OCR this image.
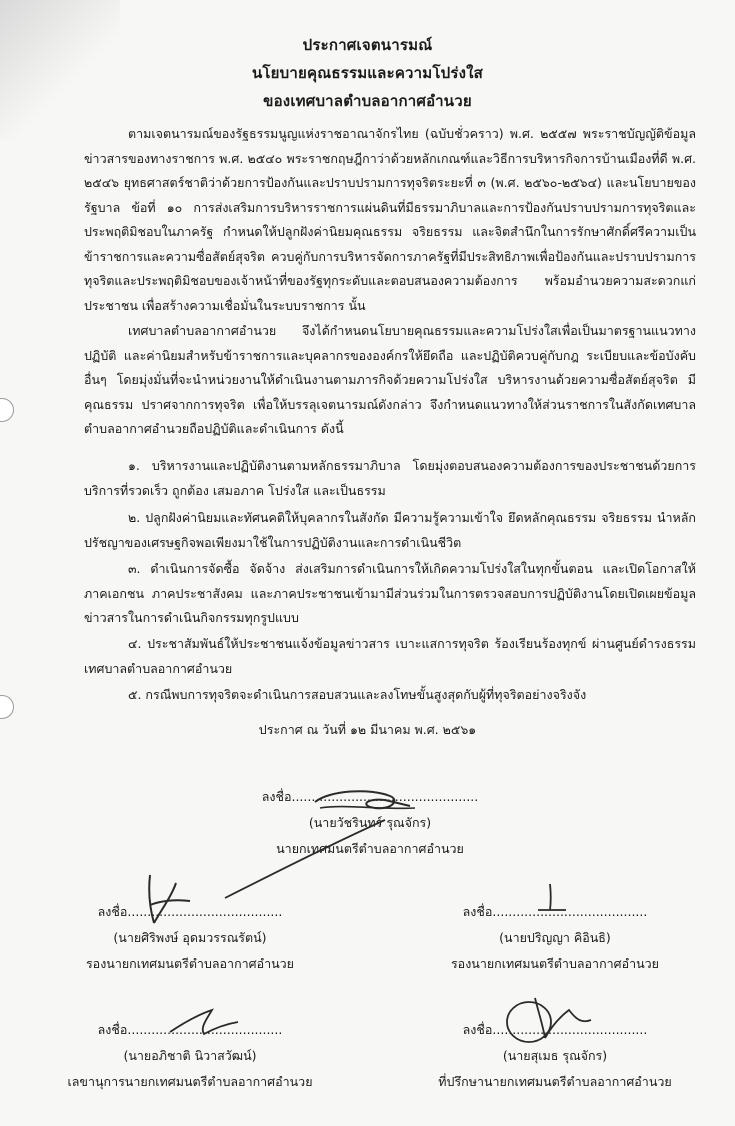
ประกาศเจตนารมณ์
นโยบายคุณธรรมและความโปร่งใส
ของเทศบาลตำบลอากาศอำนวย
ตามเจตนารมณ์ของรัฐธรรมนูญแห่งราชอาณาจักรไทย (ฉบับชั่วคราว) พ.ศ. ๒๕๕๗ พระราชบัญญัติข้อมูลข่าวสารของทางราชการ พ.ศ. ๒๕๔๐ พระราชกฤษฎีกาว่าด้วยหลักเกณฑ์และวิธีการบริหารกิจการบ้านเมืองที่ดี พ.ศ. ๒๕๔๖ ยุทธศาสตร์ชาติว่าด้วยการป้องกันและปราบปรามการทุจริตระยะที่ ๓ (พ.ศ. ๒๕๖๐-๒๕๖๔) และนโยบายของรัฐบาล ข้อที่ ๑๐ การส่งเสริมการบริหารราชการแผ่นดินที่มีธรรมาภิบาลและการป้องกันปราบปรามการทุจริตและประพฤติมิชอบในภาครัฐ กำหนดให้ปลูกฝังค่านิยมคุณธรรม จริยธรรม และจิตสำนึกในการรักษาศักดิ์ศรีความเป็นข้าราชการและความซื่อสัตย์สุจริต ควบคู่กับการบริหารจัดการภาครัฐที่มีประสิทธิภาพเพื่อป้องกันและปราบปรามการทุจริตและประพฤติมิชอบของเจ้าหน้าที่ของรัฐทุกระดับและตอบสนองความต้องการ พร้อมอำนวยความสะดวกแก่ประชาชน เพื่อสร้างความเชื่อมั่นในระบบราชการ นั้น
เทศบาลตำบลอากาศอำนวย จึงได้กำหนดนโยบายคุณธรรมและความโปร่งใสเพื่อเป็นมาตรฐานแนวทางปฏิบัติ และค่านิยมสำหรับข้าราชการและบุคลากรขององค์กรให้ยึดถือ และปฏิบัติควบคู่กับกฎ ระเบียบและข้อบังคับอื่นๆ โดยมุ่งมั่นที่จะนำหน่วยงานให้ดำเนินงานตามภารกิจด้วยความโปร่งใส บริหารงานด้วยความซื่อสัตย์สุจริต มีคุณธรรม ปราศจากการทุจริต เพื่อให้บรรลุเจตนารมณ์ดังกล่าว จึงกำหนดแนวทางให้ส่วนราชการในสังกัดเทศบาลตำบลอากาศอำนวยถือปฏิบัติและดำเนินการ ดังนี้
๑. บริหารงานและปฏิบัติงานตามหลักธรรมาภิบาล โดยมุ่งตอบสนองความต้องการของประชาชนด้วยการบริการที่รวดเร็ว ถูกต้อง เสมอภาค โปร่งใส และเป็นธรรม
๒. ปลูกฝังค่านิยมและทัศนคติให้บุคลากรในสังกัด มีความรู้ความเข้าใจ ยึดหลักคุณธรรม จริยธรรม นำหลักปรัชญาของเศรษฐกิจพอเพียงมาใช้ในการปฏิบัติงานและการดำเนินชีวิต
๓. ดำเนินการจัดซื้อ จัดจ้าง ส่งเสริมการดำเนินการให้เกิดความโปร่งใสในทุกขั้นตอน และเปิดโอกาสให้ภาคเอกชน ภาคประชาสังคม และภาคประชาชนเข้ามามีส่วนร่วมในการตรวจสอบการปฏิบัติงานโดยเปิดเผยข้อมูลข่าวสารในการดำเนินกิจกรรมทุกรูปแบบ
๔. ประชาสัมพันธ์ให้ประชาชนแจ้งข้อมูลข่าวสาร เบาะแสการทุจริต ร้องเรียนร้องทุกข์ ผ่านศูนย์ดำรงธรรมเทศบาลตำบลอากาศอำนวย
๕. กรณีพบการทุจริตจะดำเนินการสอบสวนและลงโทษขั้นสูงสุดกับผู้ที่ทุจริตอย่างจริงจัง
ประกาศ ณ วันที่ ๑๒ มีนาคม พ.ศ. ๒๕๖๑
ลงชื่อ...............................................
(นายวัชรินทร์ รุณจักร)
นายกเทศมนตรีตำบลอากาศอำนวย
ลงชื่อ.......................................
(นายศิริพงษ์ อุดมวรรณรัตน์)
รองนายกเทศมนตรีตำบลอากาศอำนวย
ลงชื่อ.......................................
(นายปริญญา คิอินธิ)
รองนายกเทศมนตรีตำบลอากาศอำนวย
ลงชื่อ.......................................
(นายอภิชาติ นิวาสวัฒน์)
เลขานุการนายกเทศมนตรีตำบลอากาศอำนวย
ลงชื่อ.......................................
(นายสุเมธ รุณจักร)
ที่ปรึกษานายกเทศมนตรีตำบลอากาศอำนวย
